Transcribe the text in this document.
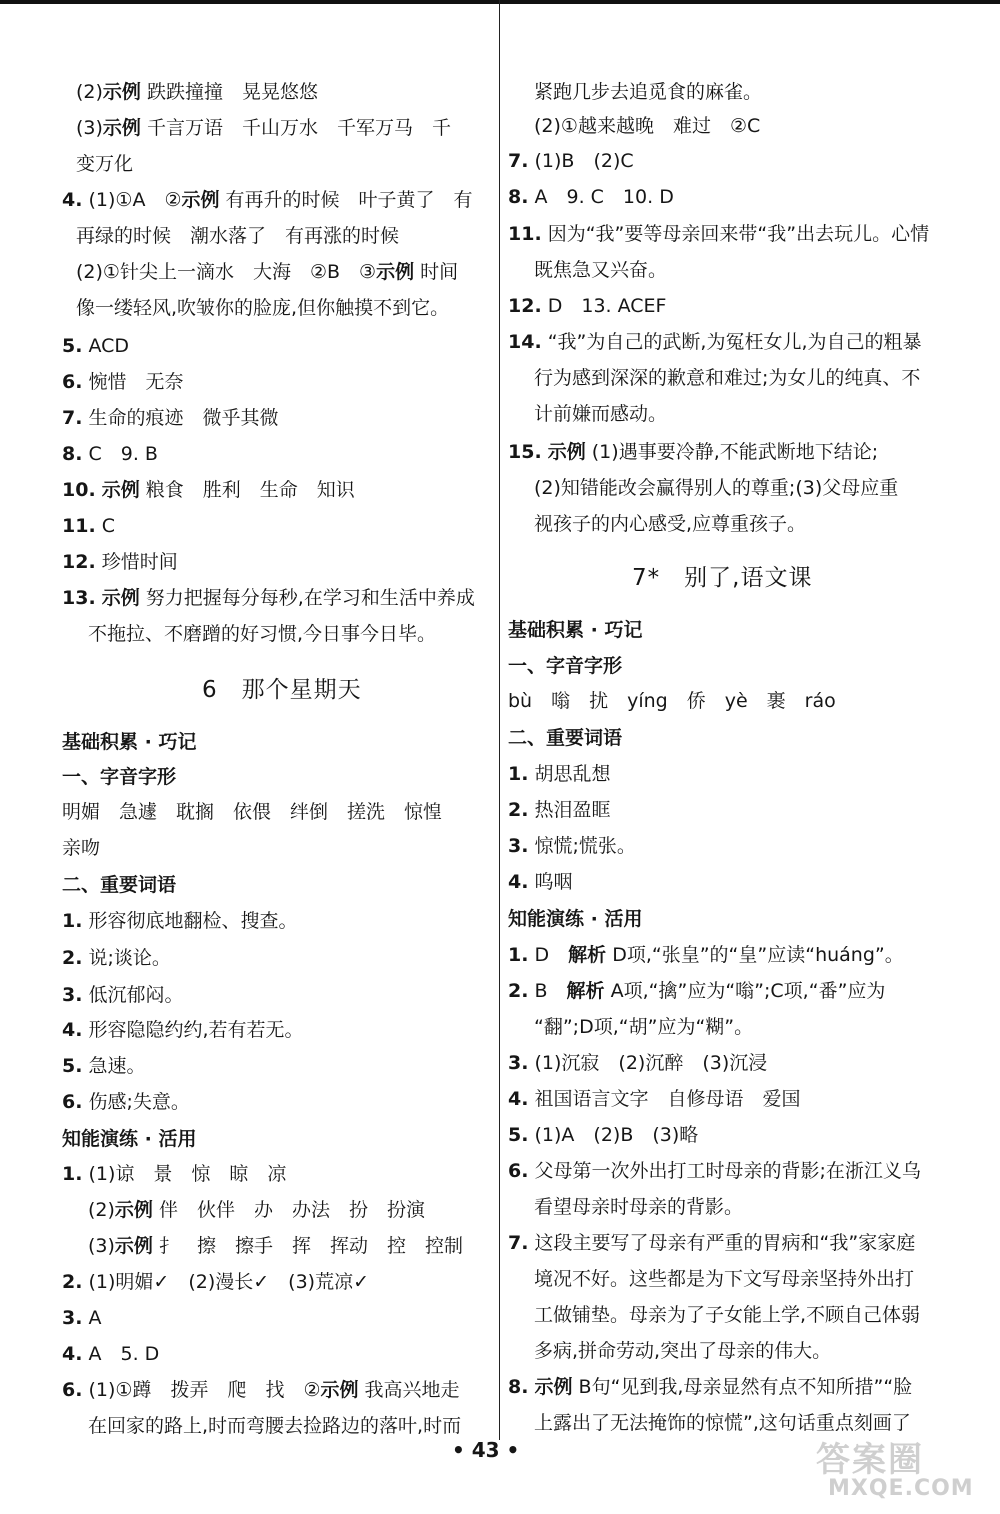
(2)示例 跌跌撞撞　晃晃悠悠
(3)示例 千言万语　千山万水　千军万马　千
变万化
4. (1)①A　②示例 有再升的时候　叶子黄了　有
再绿的时候　潮水落了　有再涨的时候
(2)①针尖上一滴水　大海　②B　③示例 时间
像一缕轻风,吹皱你的脸庞,但你触摸不到它。
5. ACD
6. 惋惜　无奈
7. 生命的痕迹　微乎其微
8. C　9. B
10. 示例 粮食　胜利　生命　知识
11. C
12. 珍惜时间
13. 示例 努力把握每分每秒,在学习和生活中养成
不拖拉、不磨蹭的好习惯,今日事今日毕。
6　 那个星期天
基础积累 · 巧记
一、字音字形
明媚　急遽　耽搁　依偎　绊倒　搓洗　惊惶
亲吻
二、重要词语
1. 形容彻底地翻检、搜查。
2. 说;谈论。
3. 低沉郁闷。
4. 形容隐隐约约,若有若无。
5. 急速。
6. 伤感;失意。
知能演练 · 活用
1. (1)谅　景　惊　晾　凉
(2)示例 伴　伙伴　办　办法　扮　扮演
(3)示例 扌　擦　擦手　挥　挥动　控　控制
2. (1)明媚✓　(2)漫长✓　(3)荒凉✓
3. A
4. A　5. D
6. (1)①蹲　拨弄　爬　找　②示例 我高兴地走
在回家的路上,时而弯腰去捡路边的落叶,时而
紧跑几步去追觅食的麻雀。
(2)①越来越晚　难过　②C
7. (1)B　(2)C
8. A　9. C　10. D
11. 因为“我”要等母亲回来带“我”出去玩儿。心情
既焦急又兴奋。
12. D　13. ACEF
14. “我”为自己的武断,为冤枉女儿,为自己的粗暴
行为感到深深的歉意和难过;为女儿的纯真、不
计前嫌而感动。
15. 示例 (1)遇事要冷静,不能武断地下结论;
(2)知错能改会赢得别人的尊重;(3)父母应重
视孩子的内心感受,应尊重孩子。
7*　 别了,语文课
基础积累 · 巧记
一、字音字形
bù　嗡　扰　yíng　侨　yè　裹　ráo
二、重要词语
1. 胡思乱想
2. 热泪盈眶
3. 惊慌;慌张。
4. 呜咽
知能演练 · 活用
1. D　解析 D项,“张皇”的“皇”应读“huáng”。
2. B　解析 A项,“擒”应为“嗡”;C项,“番”应为
“翻”;D项,“胡”应为“糊”。
3. (1)沉寂　(2)沉醉　(3)沉浸
4. 祖国语言文字　自修母语　爱国
5. (1)A　(2)B　(3)略
6. 父母第一次外出打工时母亲的背影;在浙江义乌
看望母亲时母亲的背影。
7. 这段主要写了母亲有严重的胃病和“我”家家庭
境况不好。这些都是为下文写母亲坚持外出打
工做铺垫。母亲为了子女能上学,不顾自己体弱
多病,拼命劳动,突出了母亲的伟大。
8. 示例 B句“见到我,母亲显然有点不知所措”“脸
上露出了无法掩饰的惊慌”,这句话重点刻画了
• 43 •	答案圈
MXQE.COM
